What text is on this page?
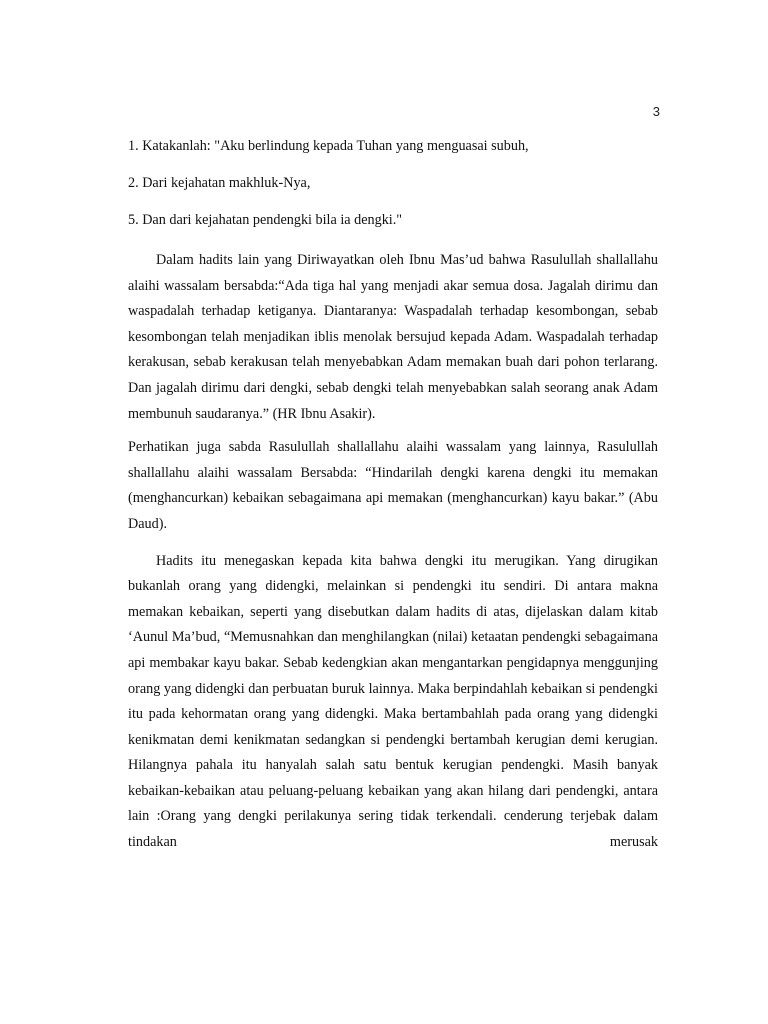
3

1. Katakanlah: "Aku berlindung kepada Tuhan yang menguasai subuh,

2. Dari kejahatan makhluk-Nya,

5. Dan dari kejahatan pendengki bila ia dengki."

Dalam hadits lain yang Diriwayatkan oleh Ibnu Mas’ud bahwa Rasulullah shallallahu alaihi wassalam bersabda:“Ada tiga hal yang menjadi akar semua dosa. Jagalah dirimu dan waspadalah terhadap ketiganya. Diantaranya: Waspadalah terhadap kesombongan, sebab kesombongan telah menjadikan iblis menolak bersujud kepada Adam. Waspadalah terhadap kerakusan, sebab kerakusan telah menyebabkan Adam memakan buah dari pohon terlarang. Dan jagalah dirimu dari dengki, sebab dengki telah menyebabkan salah seorang anak Adam membunuh saudaranya.” (HR Ibnu Asakir).

Perhatikan juga sabda Rasulullah shallallahu alaihi wassalam yang lainnya, Rasulullah shallallahu alaihi wassalam Bersabda: “Hindarilah dengki karena dengki itu memakan (menghancurkan) kebaikan sebagaimana api memakan (menghancurkan) kayu bakar.” (Abu Daud).

Hadits itu menegaskan kepada kita bahwa dengki itu merugikan. Yang dirugikan bukanlah orang yang didengki, melainkan si pendengki itu sendiri. Di antara makna memakan kebaikan, seperti yang disebutkan dalam hadits di atas, dijelaskan dalam kitab ‘Aunul Ma’bud, “Memusnahkan dan menghilangkan (nilai) ketaatan pendengki sebagaimana api membakar kayu bakar. Sebab kedengkian akan mengantarkan pengidapnya menggunjing orang yang didengki dan perbuatan buruk lainnya. Maka berpindahlah kebaikan si pendengki itu pada kehormatan orang yang didengki. Maka bertambahlah pada orang yang didengki kenikmatan demi kenikmatan sedangkan si pendengki bertambah kerugian demi kerugian. Hilangnya pahala itu hanyalah salah satu bentuk kerugian pendengki. Masih banyak kebaikan-kebaikan atau peluang-peluang kebaikan yang akan hilang dari pendengki, antara lain :Orang yang dengki perilakunya sering tidak terkendali. cenderung terjebak dalam tindakan merusak
